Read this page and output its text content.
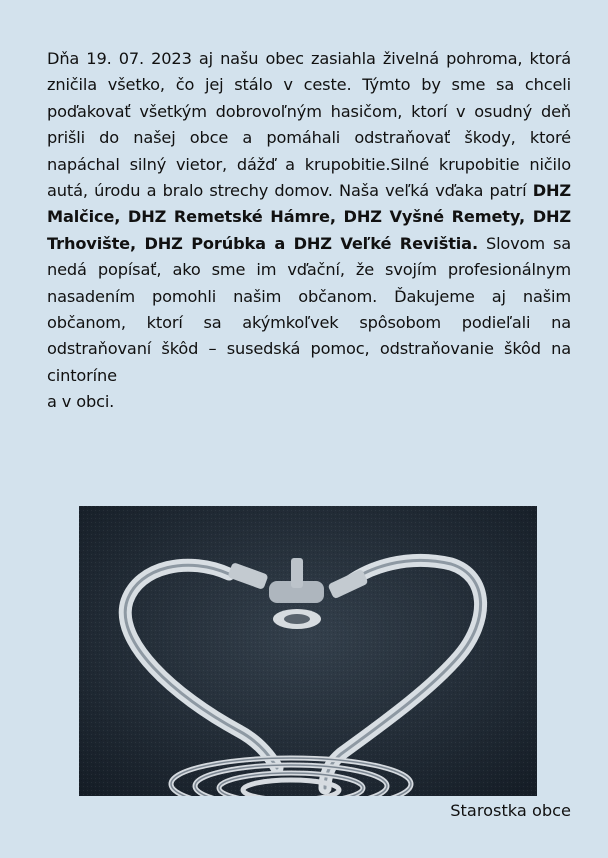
Dňa 19. 07. 2023 aj našu obec zasiahla živelná pohroma, ktorá zničila všetko, čo jej stálo v ceste. Týmto by sme sa chceli poďakovať všetkým dobrovoľným hasičom, ktorí v osudný deň prišli do našej obce a pomáhali odstraňovať škody, ktoré napáchal silný vietor, dážď a krupobitie.Silné krupobitie ničilo autá, úrodu a bralo strechy domov. Naša veľká vďaka patrí DHZ Malčice, DHZ Remetské Hámre, DHZ Vyšné Remety, DHZ Trhovište, DHZ Porúbka a DHZ Veľké Revištia. Slovom sa nedá popísať, ako sme im vďační, že svojím profesionálnym nasadením pomohli našim občanom. Ďakujeme aj našim občanom, ktorí sa akýmkoľvek spôsobom podieľali na odstraňovaní škôd – susedská pomoc, odstraňovanie škôd na cintoríne

a v obci.

Starostka obce
